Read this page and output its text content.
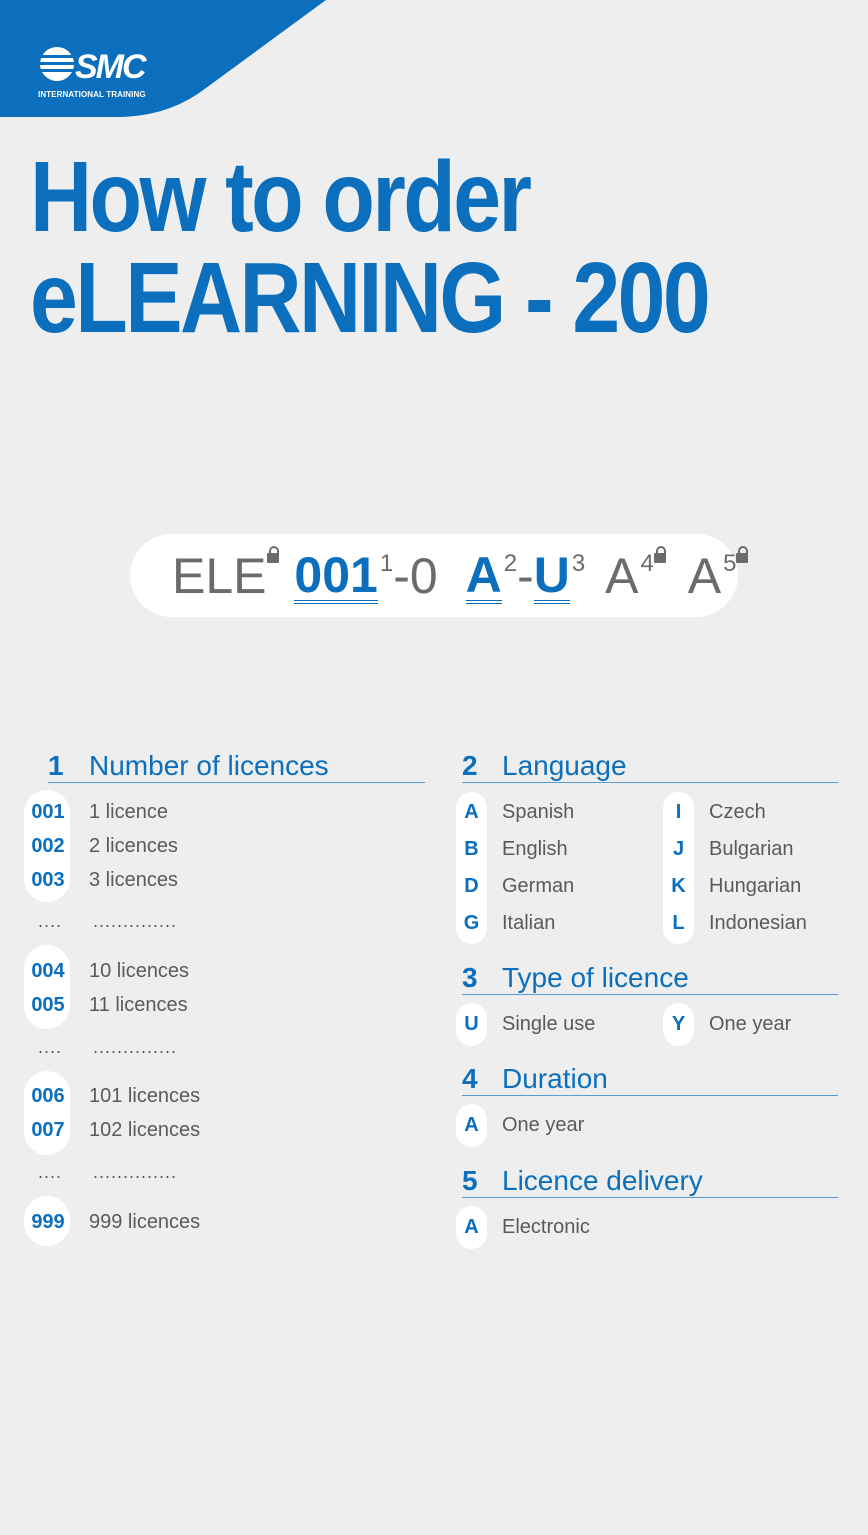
SMC
INTERNATIONAL TRAINING
How to order
eLEARNING - 200
ELE 0011-0 A2-U3 A4 A5
1 Number of licences
001	1 licence
002	2 licences
003	3 licences
.... ..............
004	10 licences
005	11 licences
.... ..............
006	101 licences
007	102 licences
.... ..............
999	999 licences
2 Language
A	Spanish
B	English
D	German
G	Italian
I	Czech
J	Bulgarian
K	Hungarian
L	Indonesian
3 Type of licence
U	Single use	Y	One year
4 Duration
A	One year
5 Licence delivery
A	Electronic
